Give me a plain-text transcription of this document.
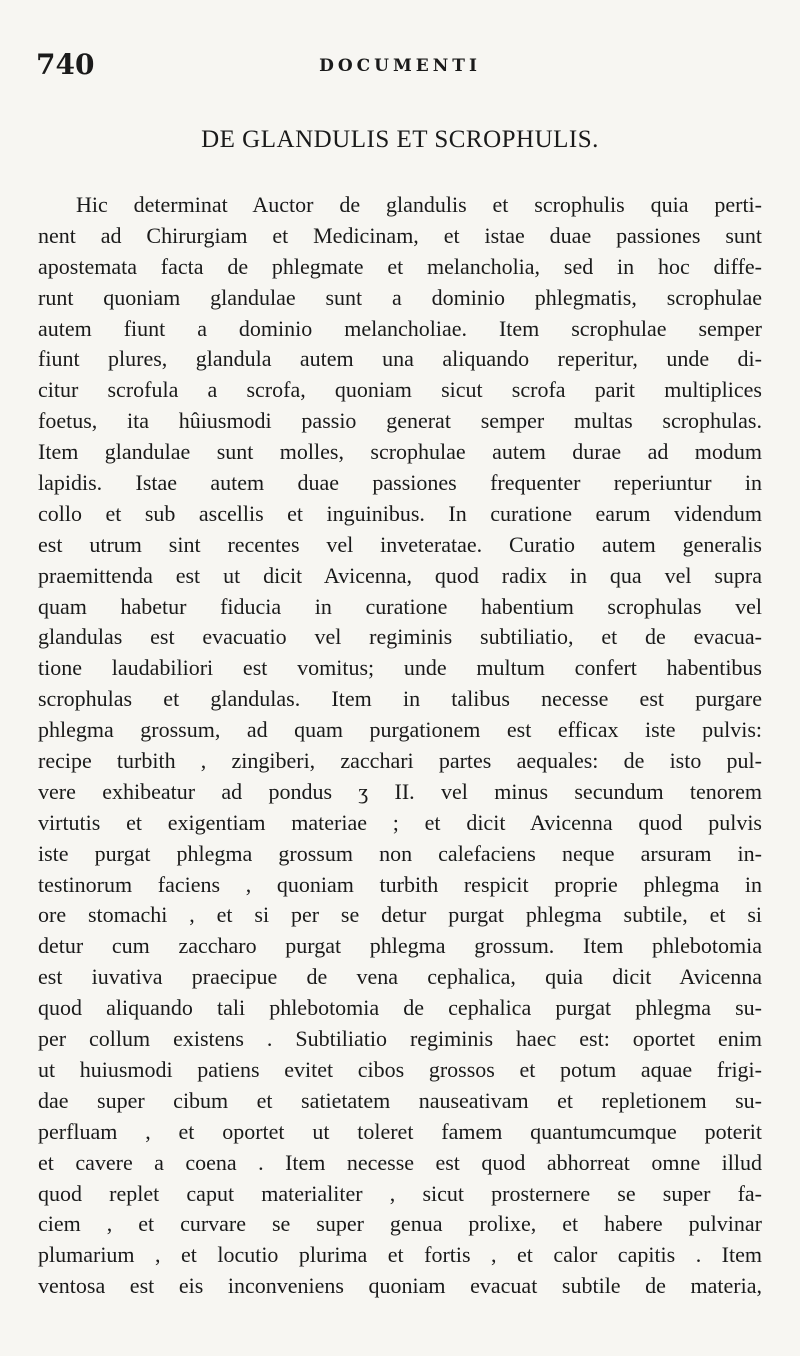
740	DOCUMENTI
DE GLANDULIS ET SCROPHULIS.
Hic determinat Auctor de glandulis et scrophulis quia perti-
nent ad Chirurgiam et Medicinam, et istae duae passiones sunt
apostemata facta de phlegmate et melancholia, sed in hoc diffe-
runt quoniam glandulae sunt a dominio phlegmatis, scrophulae
autem fiunt a dominio melancholiae. Item scrophulae semper
fiunt plures, glandula autem una aliquando reperitur, unde di-
citur scrofula a scrofa, quoniam sicut scrofa parit multiplices
foetus, ita hûiusmodi passio generat semper multas scrophulas.
Item glandulae sunt molles, scrophulae autem durae ad modum
lapidis. Istae autem duae passiones frequenter reperiuntur in
collo et sub ascellis et inguinibus. In curatione earum videndum
est utrum sint recentes vel inveteratae. Curatio autem generalis
praemittenda est ut dicit Avicenna, quod radix in qua vel supra
quam habetur fiducia in curatione habentium scrophulas vel
glandulas est evacuatio vel regiminis subtiliatio, et de evacua-
tione laudabiliori est vomitus; unde multum confert habentibus
scrophulas et glandulas. Item in talibus necesse est purgare
phlegma grossum, ad quam purgationem est efficax iste pulvis:
recipe turbith , zingiberi, zacchari partes aequales: de isto pul-
vere exhibeatur ad pondus ʒ II. vel minus secundum tenorem
virtutis et exigentiam materiae ; et dicit Avicenna quod pulvis
iste purgat phlegma grossum non calefaciens neque arsuram in-
testinorum faciens , quoniam turbith respicit proprie phlegma in
ore stomachi , et si per se detur purgat phlegma subtile, et si
detur cum zaccharo purgat phlegma grossum. Item phlebotomia
est iuvativa praecipue de vena cephalica, quia dicit Avicenna
quod aliquando tali phlebotomia de cephalica purgat phlegma su-
per collum existens . Subtiliatio regiminis haec est: oportet enim
ut huiusmodi patiens evitet cibos grossos et potum aquae frigi-
dae super cibum et satietatem nauseativam et repletionem su-
perfluam , et oportet ut toleret famem quantumcumque poterit
et cavere a coena . Item necesse est quod abhorreat omne illud
quod replet caput materialiter , sicut prosternere se super fa-
ciem , et curvare se super genua prolixe, et habere pulvinar
plumarium , et locutio plurima et fortis , et calor capitis . Item
ventosa est eis inconveniens quoniam evacuat subtile de materia,
